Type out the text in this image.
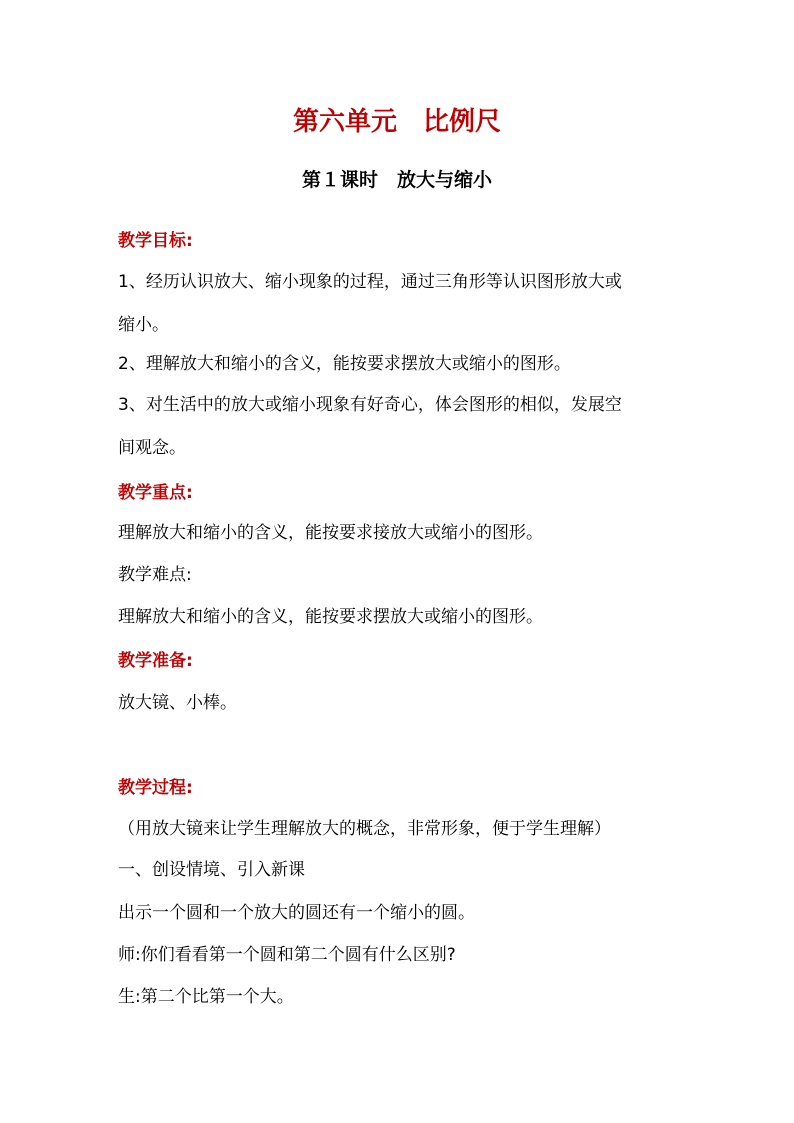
第六单元　比例尺
第１课时　放大与缩小
教学目标:
1、经历认识放大、缩小现象的过程，通过三角形等认识图形放大或
缩小。
2、理解放大和缩小的含义，能按要求摆放大或缩小的图形。
3、对生活中的放大或缩小现象有好奇心，体会图形的相似，发展空
间观念。
教学重点:
理解放大和缩小的含义，能按要求接放大或缩小的图形。
教学难点:
理解放大和缩小的含义，能按要求摆放大或缩小的图形。
教学准备:
放大镜、小棒。
教学过程:
（用放大镜来让学生理解放大的概念，非常形象，便于学生理解）
一、创设情境、引入新课
出示一个圆和一个放大的圆还有一个缩小的圆。
师:你们看看第一个圆和第二个圆有什么区别?
生:第二个比第一个大。
